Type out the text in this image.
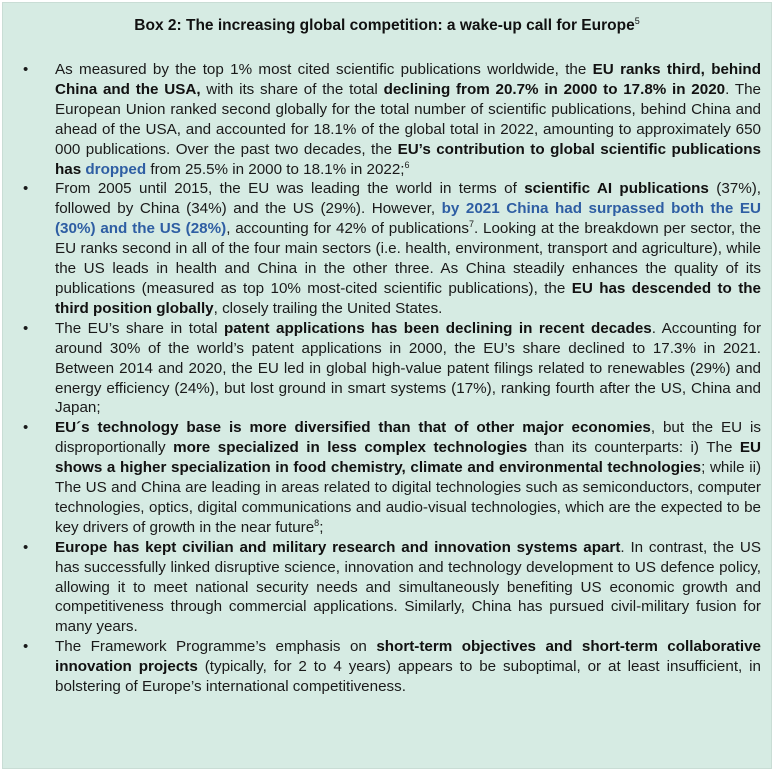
Box 2: The increasing global competition: a wake-up call for Europe$^5$
• As measured by the top 1% most cited scientific publications worldwide, the EU ranks third, behind China and the USA, with its share of the total declining from 20.7% in 2000 to 17.8% in 2020. The European Union ranked second globally for the total number of scientific publications, behind China and ahead of the USA, and accounted for 18.1% of the global total in 2022, amounting to approximately 650 000 publications. Over the past two decades, the EU’s contribution to global scientific publications has dropped from 25.5% in 2000 to 18.1% in 2022;$^6$
• From 2005 until 2015, the EU was leading the world in terms of scientific AI publications (37%), followed by China (34%) and the US (29%). However, by 2021 China had surpassed both the EU (30%) and the US (28%), accounting for 42% of publications$^7$. Looking at the breakdown per sector, the EU ranks second in all of the four main sectors (i.e. health, environment, transport and agriculture), while the US leads in health and China in the other three. As China steadily enhances the quality of its publications (measured as top 10% most-cited scientific publications), the EU has descended to the third position globally, closely trailing the United States.
• The EU’s share in total patent applications has been declining in recent decades. Accounting for around 30% of the world’s patent applications in 2000, the EU’s share declined to 17.3% in 2021. Between 2014 and 2020, the EU led in global high-value patent filings related to renewables (29%) and energy efficiency (24%), but lost ground in smart systems (17%), ranking fourth after the US, China and Japan;
• EU´s technology base is more diversified than that of other major economies, but the EU is disproportionally more specialized in less complex technologies than its counterparts: i) The EU shows a higher specialization in food chemistry, climate and environmental technologies; while ii) The US and China are leading in areas related to digital technologies such as semiconductors, computer technologies, optics, digital communications and audio-visual technologies, which are the expected to be key drivers of growth in the near future$^8$;
• Europe has kept civilian and military research and innovation systems apart. In contrast, the US has successfully linked disruptive science, innovation and technology development to US defence policy, allowing it to meet national security needs and simultaneously benefiting US economic growth and competitiveness through commercial applications. Similarly, China has pursued civil-military fusion for many years.
• The Framework Programme’s emphasis on short-term objectives and short-term collaborative innovation projects (typically, for 2 to 4 years) appears to be suboptimal, or at least insufficient, in bolstering of Europe’s international competitiveness.
